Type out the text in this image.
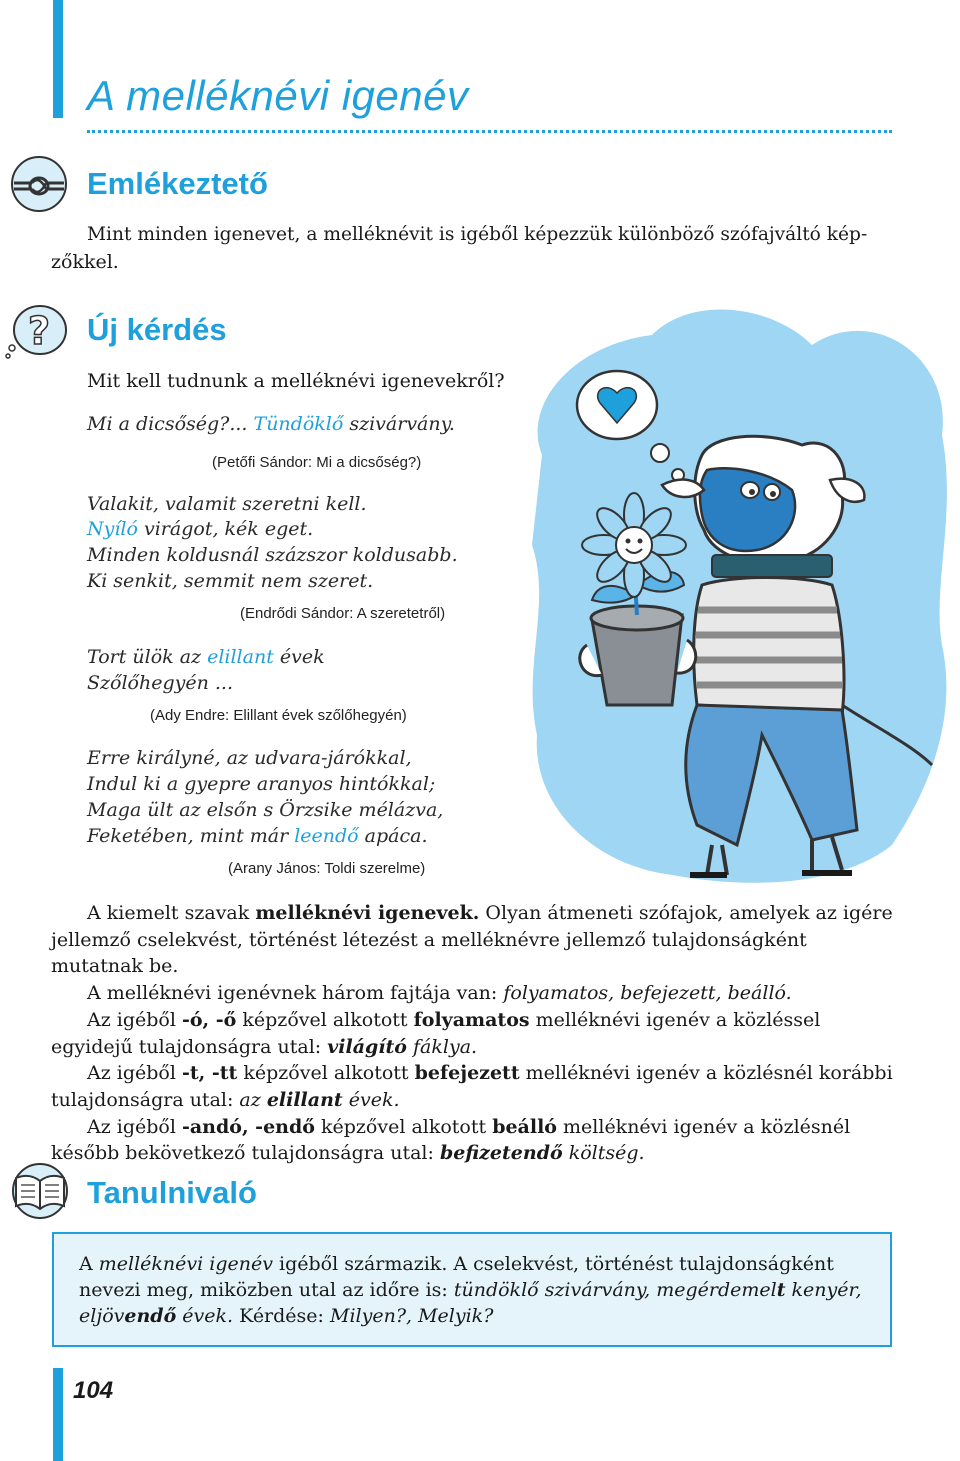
A melléknévi igenév
Emlékeztető
Mint minden igenevet, a melléknévit is igéből képezzük különböző szófajváltó kép-
zőkkel.
? Új kérdés
Mit kell tudnunk a melléknévi igenevekről?
Mi a dicsőség?... Tündöklő szivárvány.
(Petőfi Sándor: Mi a dicsőség?)
Valakit, valamit szeretni kell.
Nyíló virágot, kék eget.
Minden koldusnál százszor koldusabb.
Ki senkit, semmit nem szeret.
(Endrődi Sándor: A szeretetről)
Tort ülök az elillant évek
Szőlőhegyén ...
(Ady Endre: Elillant évek szőlőhegyén)
Erre királyné, az udvara-járókkal,
Indul ki a gyepre aranyos hintókkal;
Maga ült az elsőn s Örzsike mélázva,
Feketében, mint már leendő apáca.
(Arany János: Toldi szerelme)
A kiemelt szavak melléknévi igenevek. Olyan átmeneti szófajok, amelyek az igére jellemző cselekvést, történést létezést a melléknévre jellemző tulajdonságként mutatnak be.
A melléknévi igenévnek három fajtája van: folyamatos, befejezett, beálló.
Az igéből -ó, -ő képzővel alkotott folyamatos melléknévi igenév a közléssel egyidejű tulajdonságra utal: világító fáklya.
Az igéből -t, -tt képzővel alkotott befejezett melléknévi igenév a közlésnél korábbi tulajdonságra utal: az elillant évek.
Az igéből -andó, -endő képzővel alkotott beálló melléknévi igenév a közlésnél később bekövetkező tulajdonságra utal: befizetendő költség.
Tanulnivaló
A melléknévi igenév igéből származik. A cselekvést, történést tulajdonságként nevezi meg, miközben utal az időre is: tündöklő szivárvány, megérdemelt kenyér, eljövendő évek. Kérdése: Milyen?, Melyik?
104
